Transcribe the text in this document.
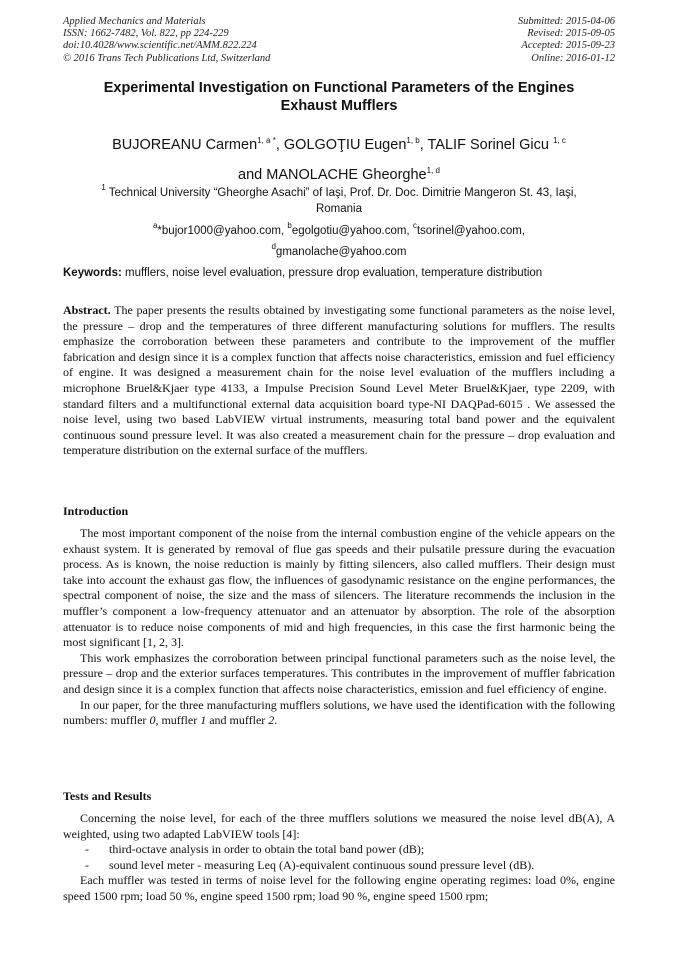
Applied Mechanics and Materials
ISSN: 1662-7482, Vol. 822, pp 224-229
doi:10.4028/www.scientific.net/AMM.822.224
© 2016 Trans Tech Publications Ltd, Switzerland
Submitted: 2015-04-06
Revised: 2015-09-05
Accepted: 2015-09-23
Online: 2016-01-12
Experimental Investigation on Functional Parameters of the Engines
Exhaust Mufflers
BUJOREANU Carmen$^{1, a *}$, GOLGOŢIU Eugen$^{1, b}$, TALIF Sorinel Gicu $^{1, c}$
and MANOLACHE Gheorghe$^{1, d}$
$^1$ Technical University “Gheorghe Asachi” of Iaşi, Prof. Dr. Doc. Dimitrie Mangeron St. 43, Iaşi,
Romania
$^a$*bujor1000@yahoo.com, $^b$egolgotiu@yahoo.com, $^c$tsorinel@yahoo.com,
$^d$gmanolache@yahoo.com
Keywords: mufflers, noise level evaluation, pressure drop evaluation, temperature distribution

Abstract. The paper presents the results obtained by investigating some functional parameters as the noise level, the pressure – drop and the temperatures of three different manufacturing solutions for mufflers. The results emphasize the corroboration between these parameters and contribute to the improvement of the muffler fabrication and design since it is a complex function that affects noise characteristics, emission and fuel efficiency of engine. It was designed a measurement chain for the noise level evaluation of the mufflers including a microphone Bruel&Kjaer type 4133, a Impulse Precision Sound Level Meter Bruel&Kjaer, type 2209, with standard filters and a multifunctional external data acquisition board type-NI DAQPad-6015 . We assessed the noise level, using two based LabVIEW virtual instruments, measuring total band power and the equivalent continuous sound pressure level. It was also created a measurement chain for the pressure – drop evaluation and temperature distribution on the external surface of the mufflers.

Introduction

The most important component of the noise from the internal combustion engine of the vehicle appears on the exhaust system. It is generated by removal of flue gas speeds and their pulsatile pressure during the evacuation process. As is known, the noise reduction is mainly by fitting silencers, also called mufflers. Their design must take into account the exhaust gas flow, the influences of gasodynamic resistance on the engine performances, the spectral component of noise, the size and the mass of silencers. The literature recommends the inclusion in the muffler’s component a low-frequency attenuator and an attenuator by absorption. The role of the absorption attenuator is to reduce noise components of mid and high frequencies, in this case the first harmonic being the most significant [1, 2, 3].

This work emphasizes the corroboration between principal functional parameters such as the noise level, the pressure – drop and the exterior surfaces temperatures. This contributes in the improvement of muffler fabrication and design since it is a complex function that affects noise characteristics, emission and fuel efficiency of engine.

In our paper, for the three manufacturing mufflers solutions, we have used the identification with the following numbers: muffler 0, muffler 1 and muffler 2.

Tests and Results

Concerning the noise level, for each of the three mufflers solutions we measured the noise level dB(A), A weighted, using two adapted LabVIEW tools [4]:

-	third-octave analysis in order to obtain the total band power (dB);
-	sound level meter - measuring Leq (A)-equivalent continuous sound pressure level (dB).

Each muffler was tested in terms of noise level for the following engine operating regimes: load 0%, engine speed 1500 rpm; load 50 %, engine speed 1500 rpm; load 90 %, engine speed 1500 rpm;
